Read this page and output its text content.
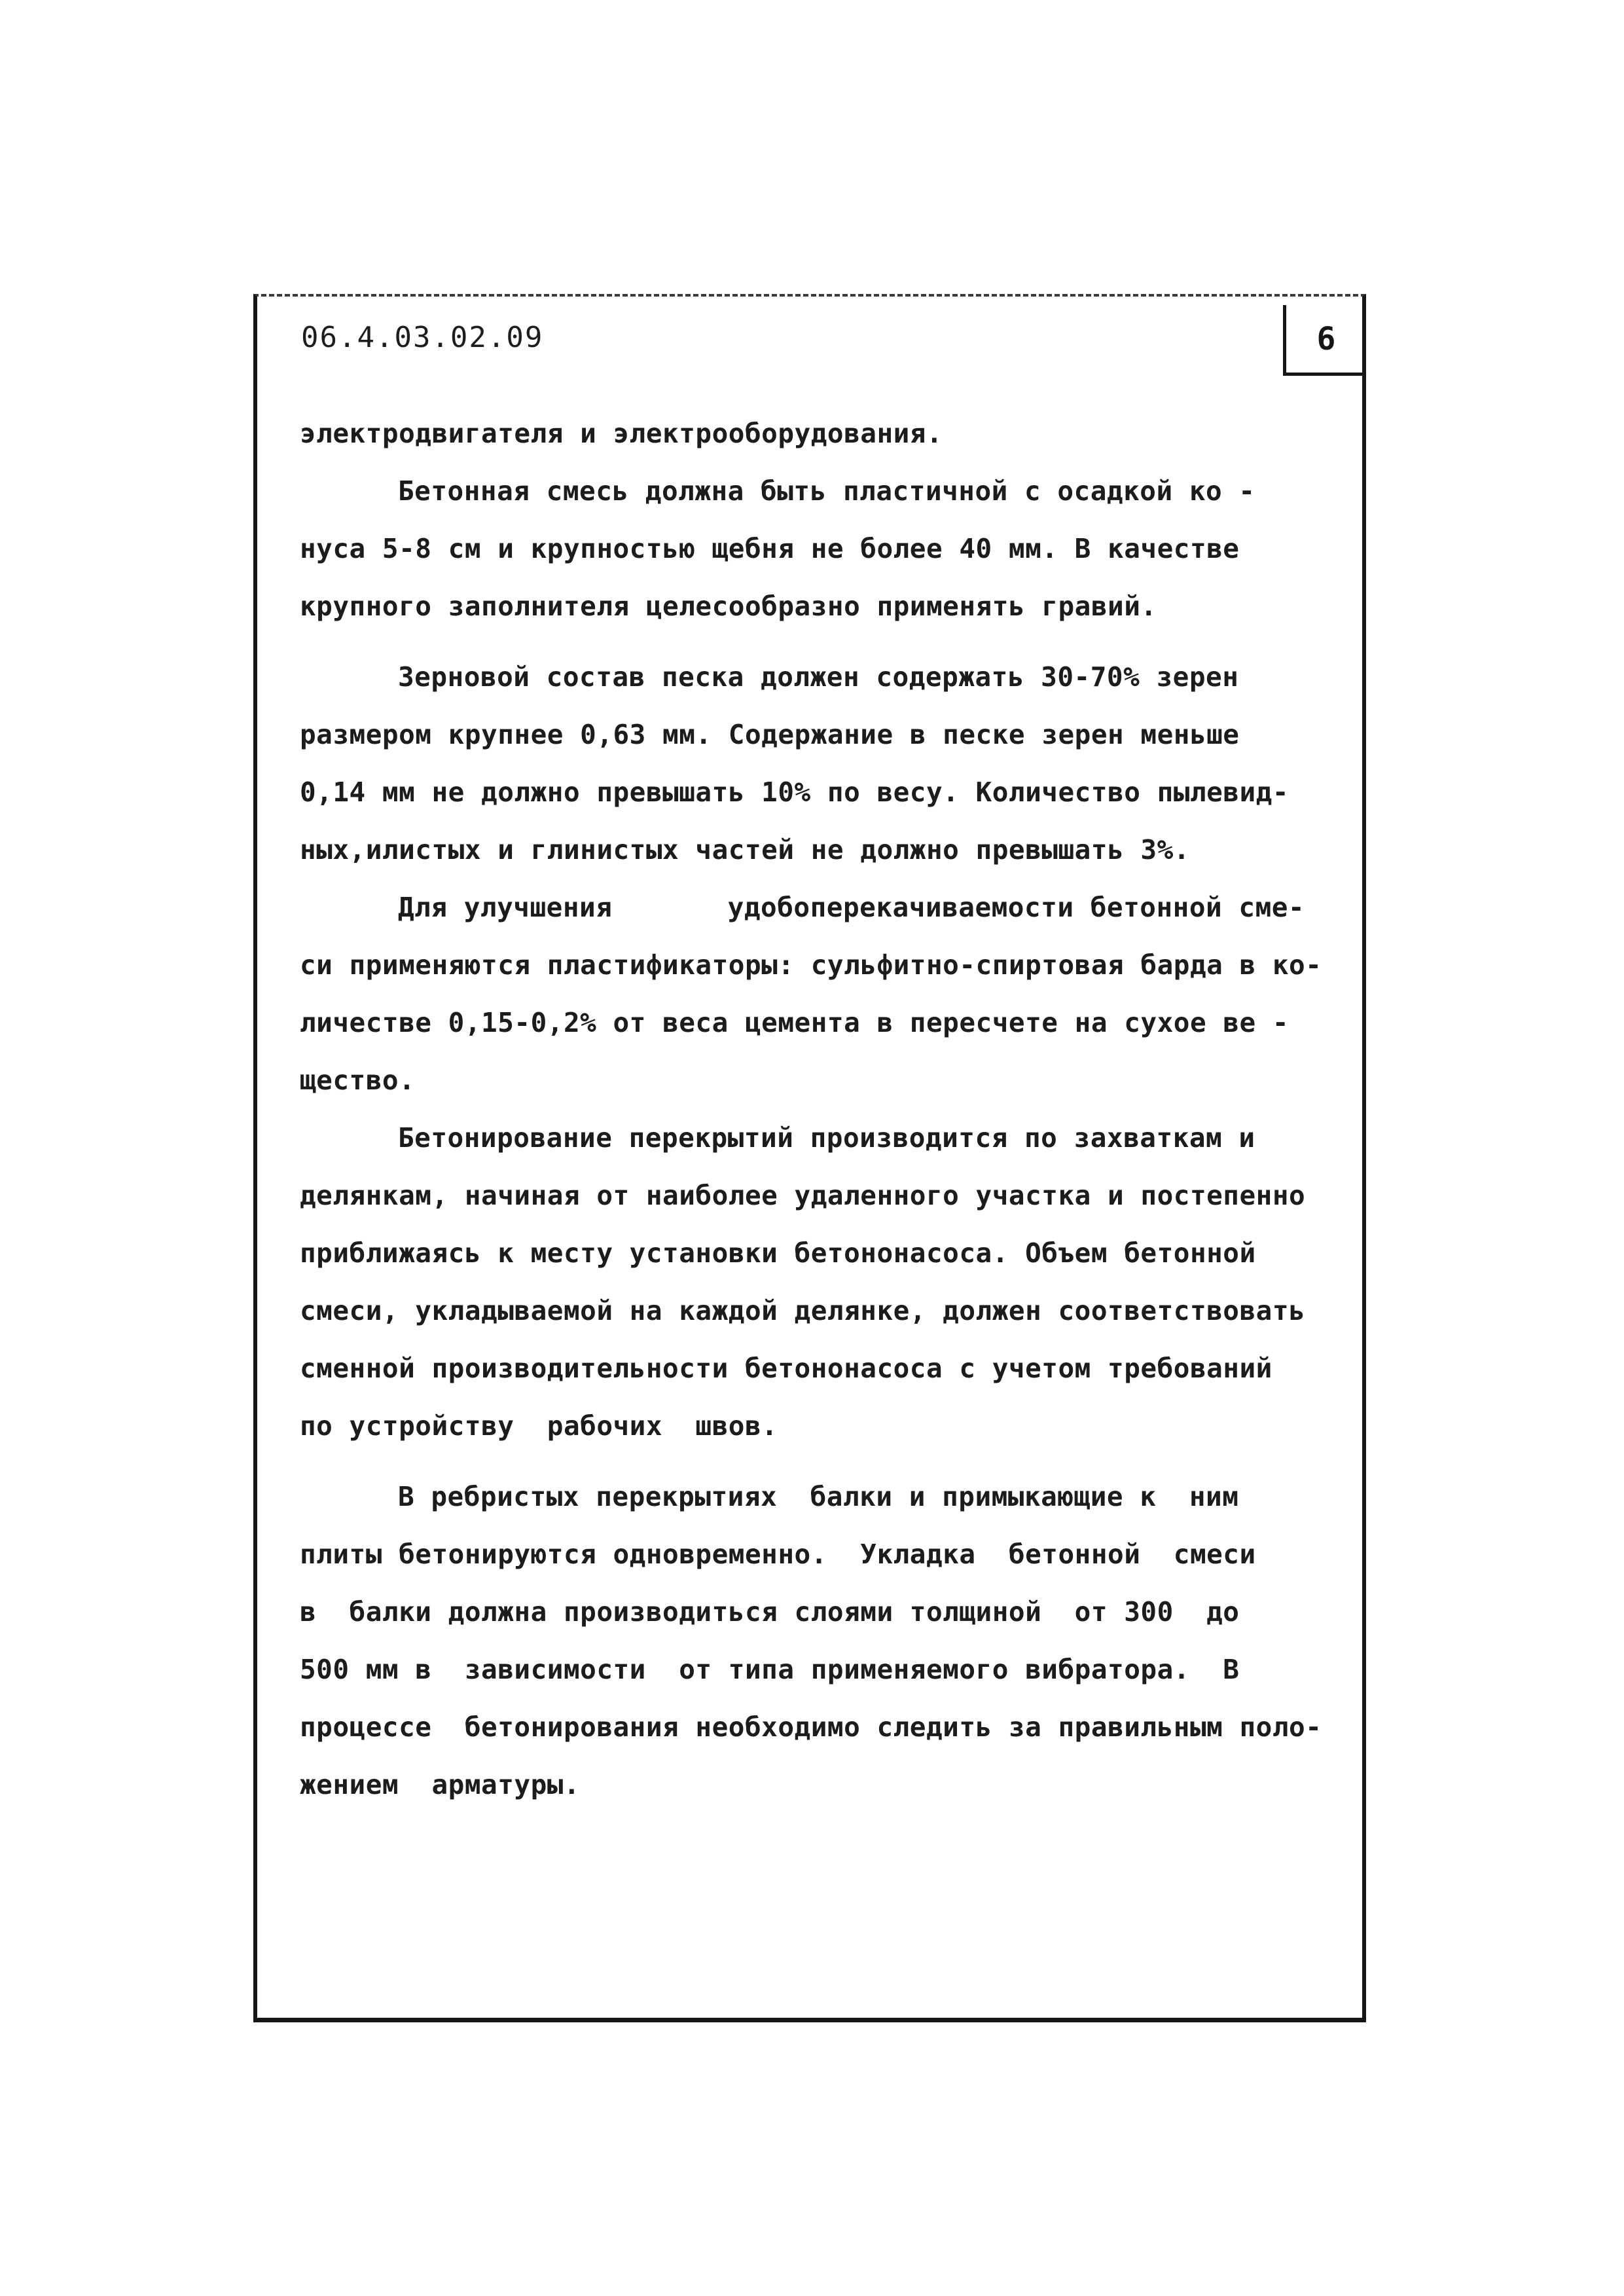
06.4.03.02.09	6
электродвигателя и электрооборудования.
Бетонная смесь должна быть пластичной с осадкой ко -
нуса 5-8 см и крупностью щебня не более 40 мм. В качестве
крупного заполнителя целесообразно применять гравий.
Зерновой состав песка должен содержать 30-70% зерен
размером крупнее 0,63 мм. Содержание в песке зерен меньше
0,14 мм не должно превышать 10% по весу. Количество пылевид-
ных,илистых и глинистых частей не должно превышать 3%.
Для улучшения       удобоперекачиваемости бетонной сме-
си применяются пластификаторы: сульфитно-спиртовая барда в ко-
личестве 0,15-0,2% от веса цемента в пересчете на сухое ве -
щество.
Бетонирование перекрытий производится по захваткам и
делянкам, начиная от наиболее удаленного участка и постепенно
приближаясь к месту установки бетононасоса. Объем бетонной
смеси, укладываемой на каждой делянке, должен соответствовать
сменной производительности бетононасоса с учетом требований
по устройству  рабочих  швов.
В ребристых перекрытиях  балки и примыкающие к  ним
плиты бетонируются одновременно.  Укладка  бетонной  смеси
в  балки должна производиться слоями толщиной  от 300  до
500 мм в  зависимости  от типа применяемого вибратора.  В
процессе  бетонирования необходимо следить за правильным поло-
жением  арматуры.
